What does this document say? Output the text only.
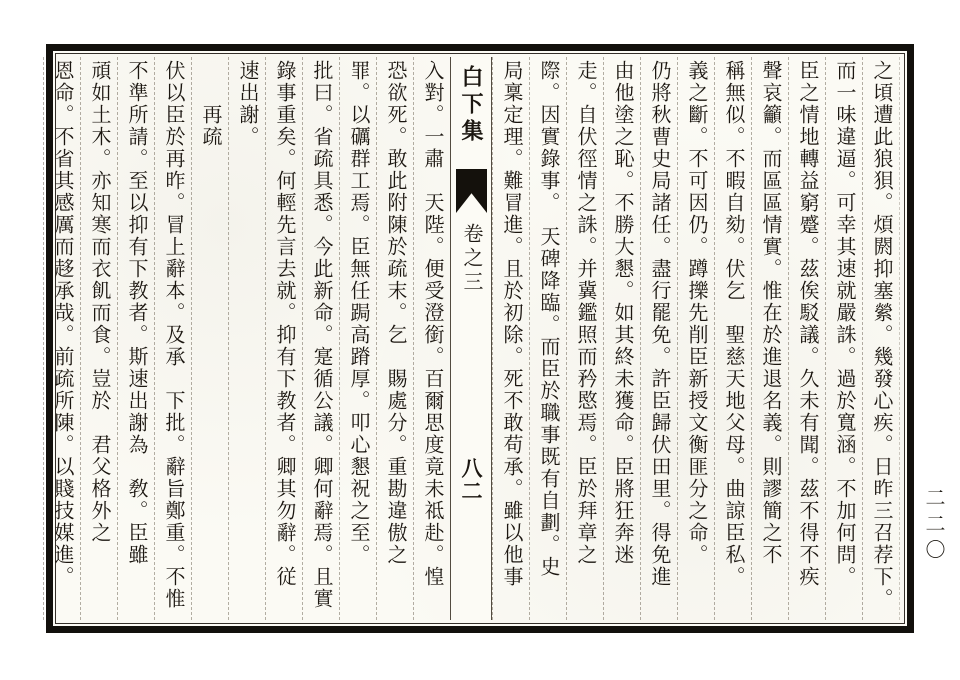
二二〇
之頃遭此狼狽。煩閼抑塞縈。幾發心疾。日昨三召荐下。
而一味違逼。可幸其速就嚴誅。過於寬涵。不加何問。
臣之情地轉益窮蹙。茲俟駁議。久未有聞。茲不得不疾
聲哀籲。而區區情實。惟在於進退名義。則謬簡之不
稱無似。不暇自劾。伏乞　聖慈天地父母。曲諒臣私。
義之斷。不可因仍。蹲擽先削臣新授文衡匪分之命。
仍將秋曹史局諸任。盡行罷免。許臣歸伏田里。得免進
由他塗之恥。不勝大懇。如其終未獲命。臣將狂奔迷
走。自伏徑情之誅。并冀鑑照而矜愍焉。臣於拜章之
際。因實錄事。　天碑降臨。而臣於職事既有自劃。史
局稟定理。難冒進。且於初除。死不敢苟承。雖以他事
白下集
卷之三
八二
入對。一肅　天陛。便受澄銜。百爾思度竟未祗赴。惶
恐欲死。敢此附陳於疏末。乞　賜處分。重勘違傲之
罪。以礪群工焉。臣無任跼高蹐厚。叩心懇祝之至。
批曰。省疏具悉。今此新命。寔循公議。卿何辭焉。且實
錄事重矣。何輕先言去就。抑有下教者。卿其勿辭。従
速出謝。
　　再疏
伏以臣於再昨。冒上辭本。及承　下批。辭旨鄭重。不惟
不準所請。至以抑有下教者。斯速出謝為　敎。臣雖
頑如土木。亦知寒而衣飢而食。豈於　君父格外之
恩命。不省其感厲而趍承哉。前疏所陳。以賤技媒進。
